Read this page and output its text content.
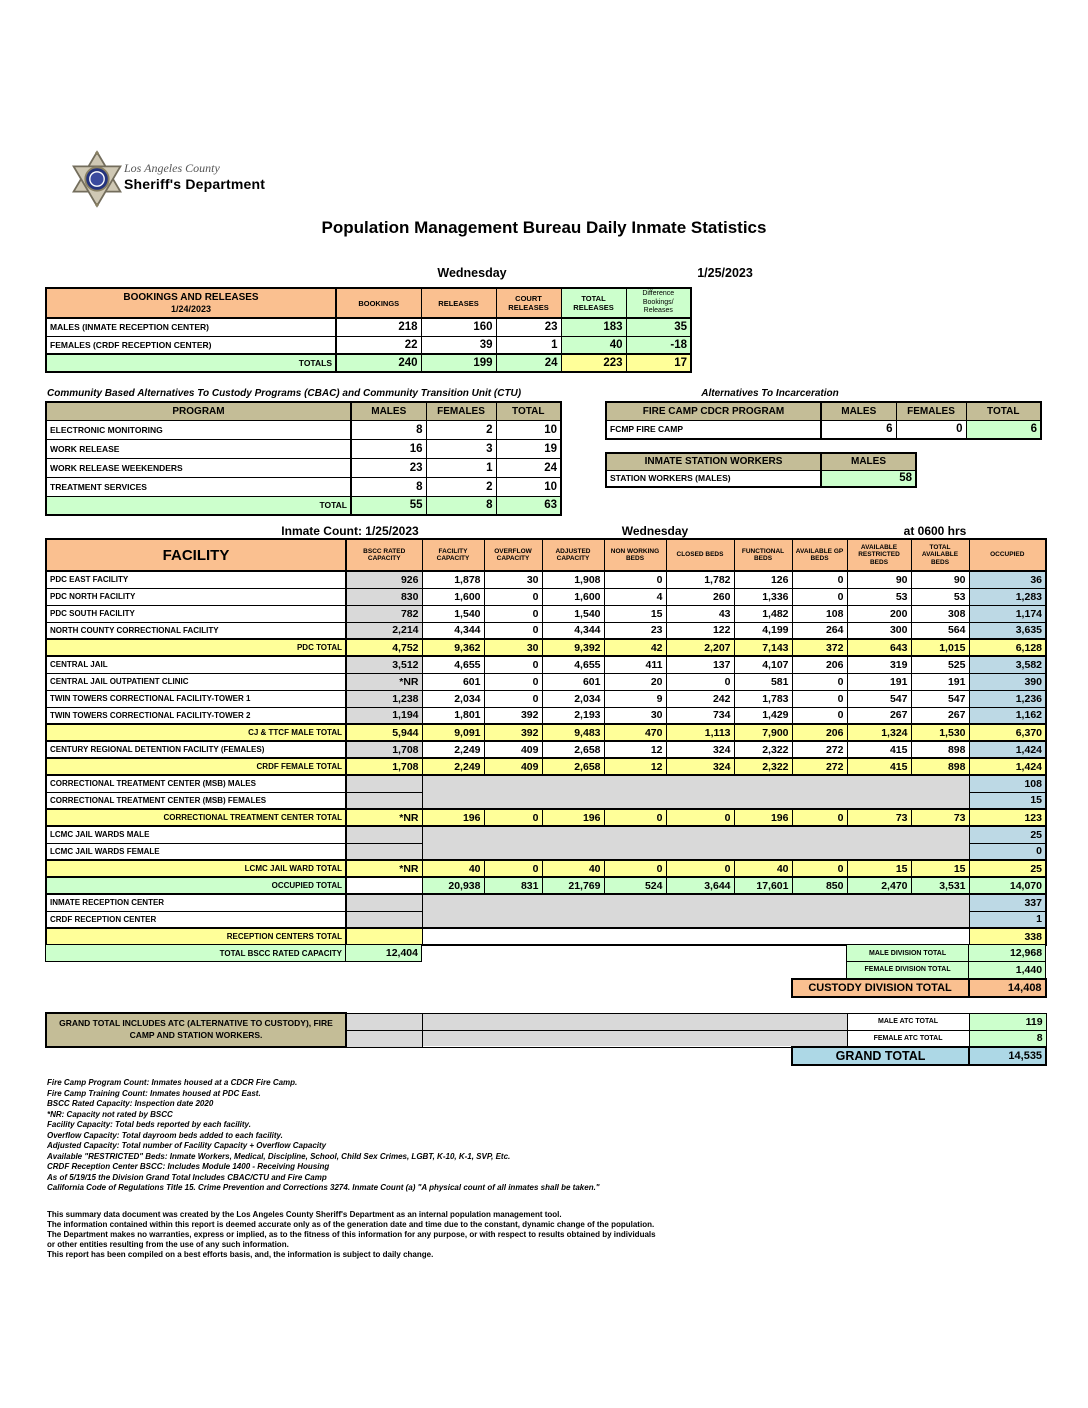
Los Angeles County
Sheriff's Department
Population Management Bureau Daily Inmate Statistics
Wednesday	1/25/2023
BOOKINGS AND RELEASES
1/24/2023	BOOKINGS	RELEASES	COURT RELEASES	TOTAL RELEASES	Difference Bookings/ Releases
MALES (INMATE RECEPTION CENTER)	218	160	23	183	35
FEMALES (CRDF RECEPTION CENTER)	22	39	1	40	-18
TOTALS	240	199	24	223	17
Community Based Alternatives To Custody Programs (CBAC) and Community Transition Unit (CTU)
PROGRAM	MALES	FEMALES	TOTAL
ELECTRONIC MONITORING	8	2	10
WORK RELEASE	16	3	19
WORK RELEASE WEEKENDERS	23	1	24
TREATMENT SERVICES	8	2	10
TOTAL	55	8	63
Alternatives To Incarceration
FIRE CAMP CDCR PROGRAM	MALES	FEMALES	TOTAL
FCMP FIRE CAMP	6	0	6
INMATE STATION WORKERS	MALES
STATION WORKERS (MALES)	58
Inmate Count: 1/25/2023	Wednesday	at 0600 hrs
FACILITY	BSCC RATED CAPACITY	FACILITY CAPACITY	OVERFLOW CAPACITY	ADJUSTED CAPACITY	NON WORKING BEDS	CLOSED BEDS	FUNCTIONAL BEDS	AVAILABLE GP BEDS	AVAILABLE RESTRICTED BEDS	TOTAL AVAILABLE BEDS	OCCUPIED
PDC EAST FACILITY	926	1,878	30	1,908	0	1,782	126	0	90	90	36
PDC NORTH FACILITY	830	1,600	0	1,600	4	260	1,336	0	53	53	1,283
PDC SOUTH FACILITY	782	1,540	0	1,540	15	43	1,482	108	200	308	1,174
NORTH COUNTY CORRECTIONAL FACILITY	2,214	4,344	0	4,344	23	122	4,199	264	300	564	3,635
PDC TOTAL	4,752	9,362	30	9,392	42	2,207	7,143	372	643	1,015	6,128
CENTRAL JAIL	3,512	4,655	0	4,655	411	137	4,107	206	319	525	3,582
CENTRAL JAIL OUTPATIENT CLINIC	*NR	601	0	601	20	0	581	0	191	191	390
TWIN TOWERS CORRECTIONAL FACILITY-TOWER 1	1,238	2,034	0	2,034	9	242	1,783	0	547	547	1,236
TWIN TOWERS CORRECTIONAL FACILITY-TOWER 2	1,194	1,801	392	2,193	30	734	1,429	0	267	267	1,162
CJ & TTCF MALE TOTAL	5,944	9,091	392	9,483	470	1,113	7,900	206	1,324	1,530	6,370
CENTURY REGIONAL DETENTION FACILITY (FEMALES)	1,708	2,249	409	2,658	12	324	2,322	272	415	898	1,424
CRDF FEMALE TOTAL	1,708	2,249	409	2,658	12	324	2,322	272	415	898	1,424
CORRECTIONAL TREATMENT CENTER (MSB) MALES											108
CORRECTIONAL TREATMENT CENTER (MSB) FEMALES											15
CORRECTIONAL TREATMENT CENTER TOTAL	*NR	196	0	196	0	0	196	0	73	73	123
LCMC JAIL WARDS MALE											25
LCMC JAIL WARDS FEMALE											0
LCMC JAIL WARD TOTAL	*NR	40	0	40	0	0	40	0	15	15	25
OCCUPIED TOTAL		20,938	831	21,769	524	3,644	17,601	850	2,470	3,531	14,070
INMATE RECEPTION CENTER											337
CRDF RECEPTION CENTER											1
RECEPTION CENTERS TOTAL											338
TOTAL BSCC RATED CAPACITY	12,404			MALE DIVISION TOTAL	12,968
				FEMALE DIVISION TOTAL	1,440
			CUSTODY DIVISION TOTAL		14,408
GRAND TOTAL INCLUDES ATC (ALTERNATIVE TO CUSTODY), FIRE CAMP AND STATION WORKERS.				MALE ATC TOTAL	119
				FEMALE ATC TOTAL	8
			GRAND TOTAL		14,535
Fire Camp Program Count: Inmates housed at a CDCR Fire Camp.
Fire Camp Training Count: Inmates housed at PDC East.
BSCC Rated Capacity: Inspection date 2020
*NR: Capacity not rated by BSCC
Facility Capacity: Total beds reported by each facility.
Overflow Capacity: Total dayroom beds added to each facility.
Adjusted Capacity: Total number of Facility Capacity + Overflow Capacity
Available "RESTRICTED" Beds: Inmate Workers, Medical, Discipline, School, Child Sex Crimes, LGBT, K-10, K-1, SVP, Etc.
CRDF Reception Center BSCC: Includes Module 1400 - Receiving Housing
As of 5/19/15 the Division Grand Total Includes CBAC/CTU and Fire Camp
California Code of Regulations Title 15. Crime Prevention and Corrections 3274. Inmate Count (a) "A physical count of all inmates shall be taken."
This summary data document was created by the Los Angeles County Sheriff's Department as an internal population management tool.
The information contained within this report is deemed accurate only as of the generation date and time due to the constant, dynamic change of the population.
The Department makes no warranties, express or implied, as to the fitness of this information for any purpose, or with respect to results obtained by individuals
or other entities resulting from the use of any such information.
This report has been compiled on a best efforts basis, and, the information is subject to daily change.
